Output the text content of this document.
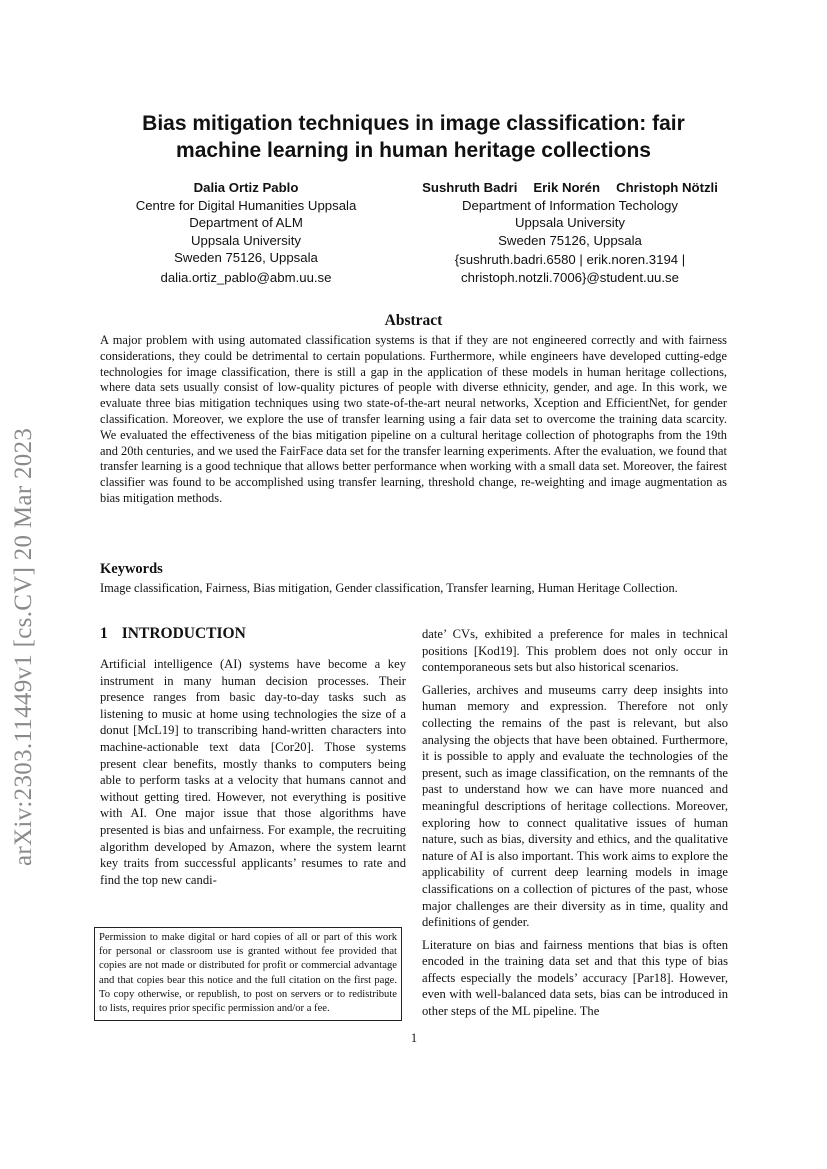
arXiv:2303.11449v1 [cs.CV] 20 Mar 2023
Bias mitigation techniques in image classification: fair
machine learning in human heritage collections
Dalia Ortiz Pablo
Centre for Digital Humanities Uppsala
Department of ALM
Uppsala University
Sweden 75126, Uppsala
dalia.ortiz_pablo@abm.uu.se
Sushruth Badri Erik Norén Christoph Nötzli
Department of Information Techology
Uppsala University
Sweden 75126, Uppsala
{sushruth.badri.6580 | erik.noren.3194 |
christoph.notzli.7006}@student.uu.se
Abstract

A major problem with using automated classification systems is that if they are not engineered correctly and with fairness considerations, they could be detrimental to certain populations. Furthermore, while engineers have developed cutting-edge technologies for image classification, there is still a gap in the application of these models in human heritage collections, where data sets usually consist of low-quality pictures of people with diverse ethnicity, gender, and age. In this work, we evaluate three bias mitigation techniques using two state-of-the-art neural networks, Xception and EfficientNet, for gender classification. Moreover, we explore the use of transfer learning using a fair data set to overcome the training data scarcity. We evaluated the effectiveness of the bias mitigation pipeline on a cultural heritage collection of photographs from the 19th and 20th centuries, and we used the FairFace data set for the transfer learning experiments. After the evaluation, we found that transfer learning is a good technique that allows better performance when working with a small data set. Moreover, the fairest classifier was found to be accomplished using transfer learning, threshold change, re-weighting and image augmentation as bias mitigation methods.

Keywords

Image classification, Fairness, Bias mitigation, Gender classification, Transfer learning, Human Heritage Collection.

1 INTRODUCTION

Artificial intelligence (AI) systems have become a key instrument in many human decision processes. Their presence ranges from basic day-to-day tasks such as listening to music at home using technologies the size of a donut [McL19] to transcribing hand-written characters into machine-actionable text data [Cor20]. Those systems present clear benefits, mostly thanks to computers being able to perform tasks at a velocity that humans cannot and without getting tired. However, not everything is positive with AI. One major issue that those algorithms have presented is bias and unfairness. For example, the recruiting algorithm developed by Amazon, where the system learnt key traits from successful applicants’ resumes to rate and find the top new candi-

date’ CVs, exhibited a preference for males in technical positions [Kod19]. This problem does not only occur in contemporaneous sets but also historical scenarios.

Galleries, archives and museums carry deep insights into human memory and expression. Therefore not only collecting the remains of the past is relevant, but also analysing the objects that have been obtained. Furthermore, it is possible to apply and evaluate the technologies of the present, such as image classification, on the remnants of the past to understand how we can have more nuanced and meaningful descriptions of heritage collections. Moreover, exploring how to connect qualitative issues of human nature, such as bias, diversity and ethics, and the qualitative nature of AI is also important. This work aims to explore the applicability of current deep learning models in image classifications on a collection of pictures of the past, whose major challenges are their diversity as in time, quality and definitions of gender.

Literature on bias and fairness mentions that bias is often encoded in the training data set and that this type of bias affects especially the models’ accuracy [Par18]. However, even with well-balanced data sets, bias can be introduced in other steps of the ML pipeline. The

Permission to make digital or hard copies of all or part of this work for personal or classroom use is granted without fee provided that copies are not made or distributed for profit or commercial advantage and that copies bear this notice and the full citation on the first page. To copy otherwise, or republish, to post on servers or to redistribute to lists, requires prior specific permission and/or a fee.

1
